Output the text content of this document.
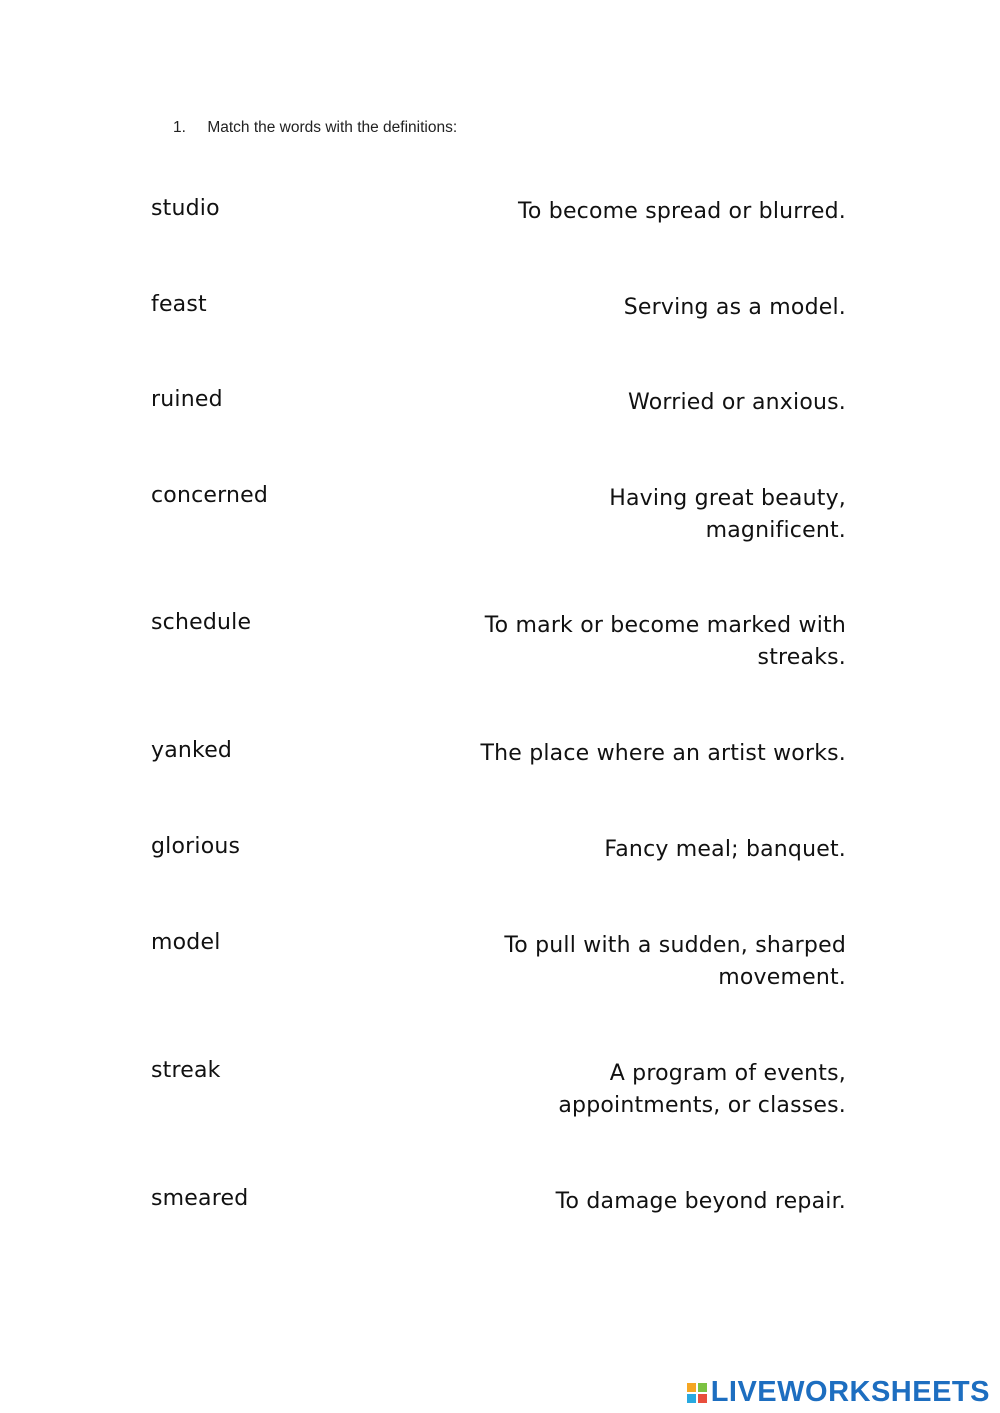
1. Match the words with the definitions:
studio	To become spread or blurred.
feast	Serving as a model.
ruined	Worried or anxious.
concerned	Having great beauty,
magnificent.
schedule	To mark or become marked with
streaks.
yanked	The place where an artist works.
glorious	Fancy meal; banquet.
model	To pull with a sudden, sharped
movement.
streak	A program of events,
appointments, or classes.
smeared	To damage beyond repair.
LIVEWORKSHEETS
